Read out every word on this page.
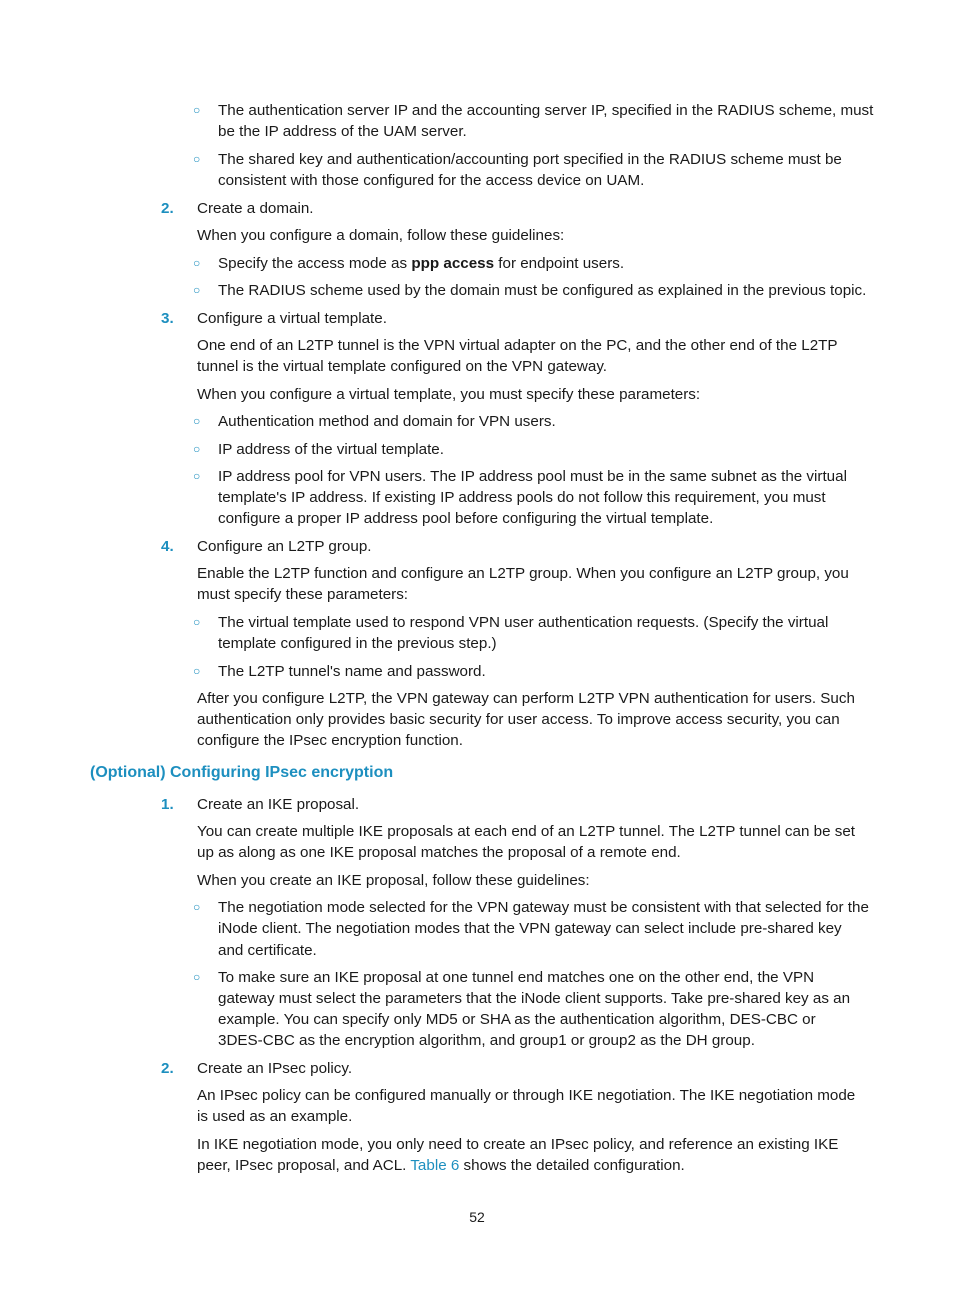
○ The authentication server IP and the accounting server IP, specified in the RADIUS scheme, must
be the IP address of the UAM server.
○ The shared key and authentication/accounting port specified in the RADIUS scheme must be
consistent with those configured for the access device on UAM.
2. Create a domain.
When you configure a domain, follow these guidelines:
○ Specify the access mode as ppp access for endpoint users.
○ The RADIUS scheme used by the domain must be configured as explained in the previous topic.
3. Configure a virtual template.
One end of an L2TP tunnel is the VPN virtual adapter on the PC, and the other end of the L2TP
tunnel is the virtual template configured on the VPN gateway.
When you configure a virtual template, you must specify these parameters:
○ Authentication method and domain for VPN users.
○ IP address of the virtual template.
○ IP address pool for VPN users. The IP address pool must be in the same subnet as the virtual
template's IP address. If existing IP address pools do not follow this requirement, you must
configure a proper IP address pool before configuring the virtual template.
4. Configure an L2TP group.
Enable the L2TP function and configure an L2TP group. When you configure an L2TP group, you
must specify these parameters:
○ The virtual template used to respond VPN user authentication requests. (Specify the virtual
template configured in the previous step.)
○ The L2TP tunnel's name and password.
After you configure L2TP, the VPN gateway can perform L2TP VPN authentication for users. Such
authentication only provides basic security for user access. To improve access security, you can
configure the IPsec encryption function.
(Optional) Configuring IPsec encryption
1. Create an IKE proposal.
You can create multiple IKE proposals at each end of an L2TP tunnel. The L2TP tunnel can be set
up as along as one IKE proposal matches the proposal of a remote end.
When you create an IKE proposal, follow these guidelines:
○ The negotiation mode selected for the VPN gateway must be consistent with that selected for the
iNode client. The negotiation modes that the VPN gateway can select include pre-shared key
and certificate.
○ To make sure an IKE proposal at one tunnel end matches one on the other end, the VPN
gateway must select the parameters that the iNode client supports. Take pre-shared key as an
example. You can specify only MD5 or SHA as the authentication algorithm, DES-CBC or
3DES-CBC as the encryption algorithm, and group1 or group2 as the DH group.
2. Create an IPsec policy.
An IPsec policy can be configured manually or through IKE negotiation. The IKE negotiation mode
is used as an example.
In IKE negotiation mode, you only need to create an IPsec policy, and reference an existing IKE
peer, IPsec proposal, and ACL. Table 6 shows the detailed configuration.
52
